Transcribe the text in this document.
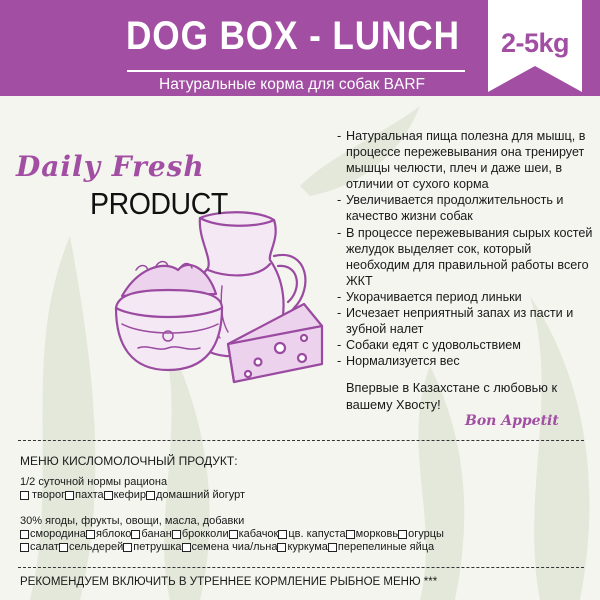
DOG BOX - LUNCH
Натуральные корма для собак BARF
2-5kg
Daily Fresh
PRODUCT
- Натуральная пища полезна для мышц, в процессе пережевывания она тренирует мышцы челюсти, плеч и даже шеи, в отличии от сухого корма
- Увеличивается продолжительность и качество жизни собак
- В процессе пережевывания сырых костей желудок выделяет сок, который необходим для правильной работы всего ЖКТ
- Укорачивается период линьки
- Исчезает неприятный запах из пасти и зубной налет
- Собаки едят с удовольствием
- Нормализуется вес
Впервые в Казахстане с любовью к вашему Хвосту!
Bon Appetit
МЕНЮ КИСЛОМОЛОЧНЫЙ ПРОДУКТ:
1/2 суточной нормы рациона
творог пахта кефир домашний йогурт
30% ягоды, фрукты, овощи, масла, добавки
смородина яблоко банан брокколи кабачок цв. капуста морковь огурцы
салат сельдерей петрушка семена чиа/льна куркума перепелиные яйца
РЕКОМЕНДУЕМ ВКЛЮЧИТЬ В УТРЕННЕЕ КОРМЛЕНИЕ РЫБНОЕ МЕНЮ ***
